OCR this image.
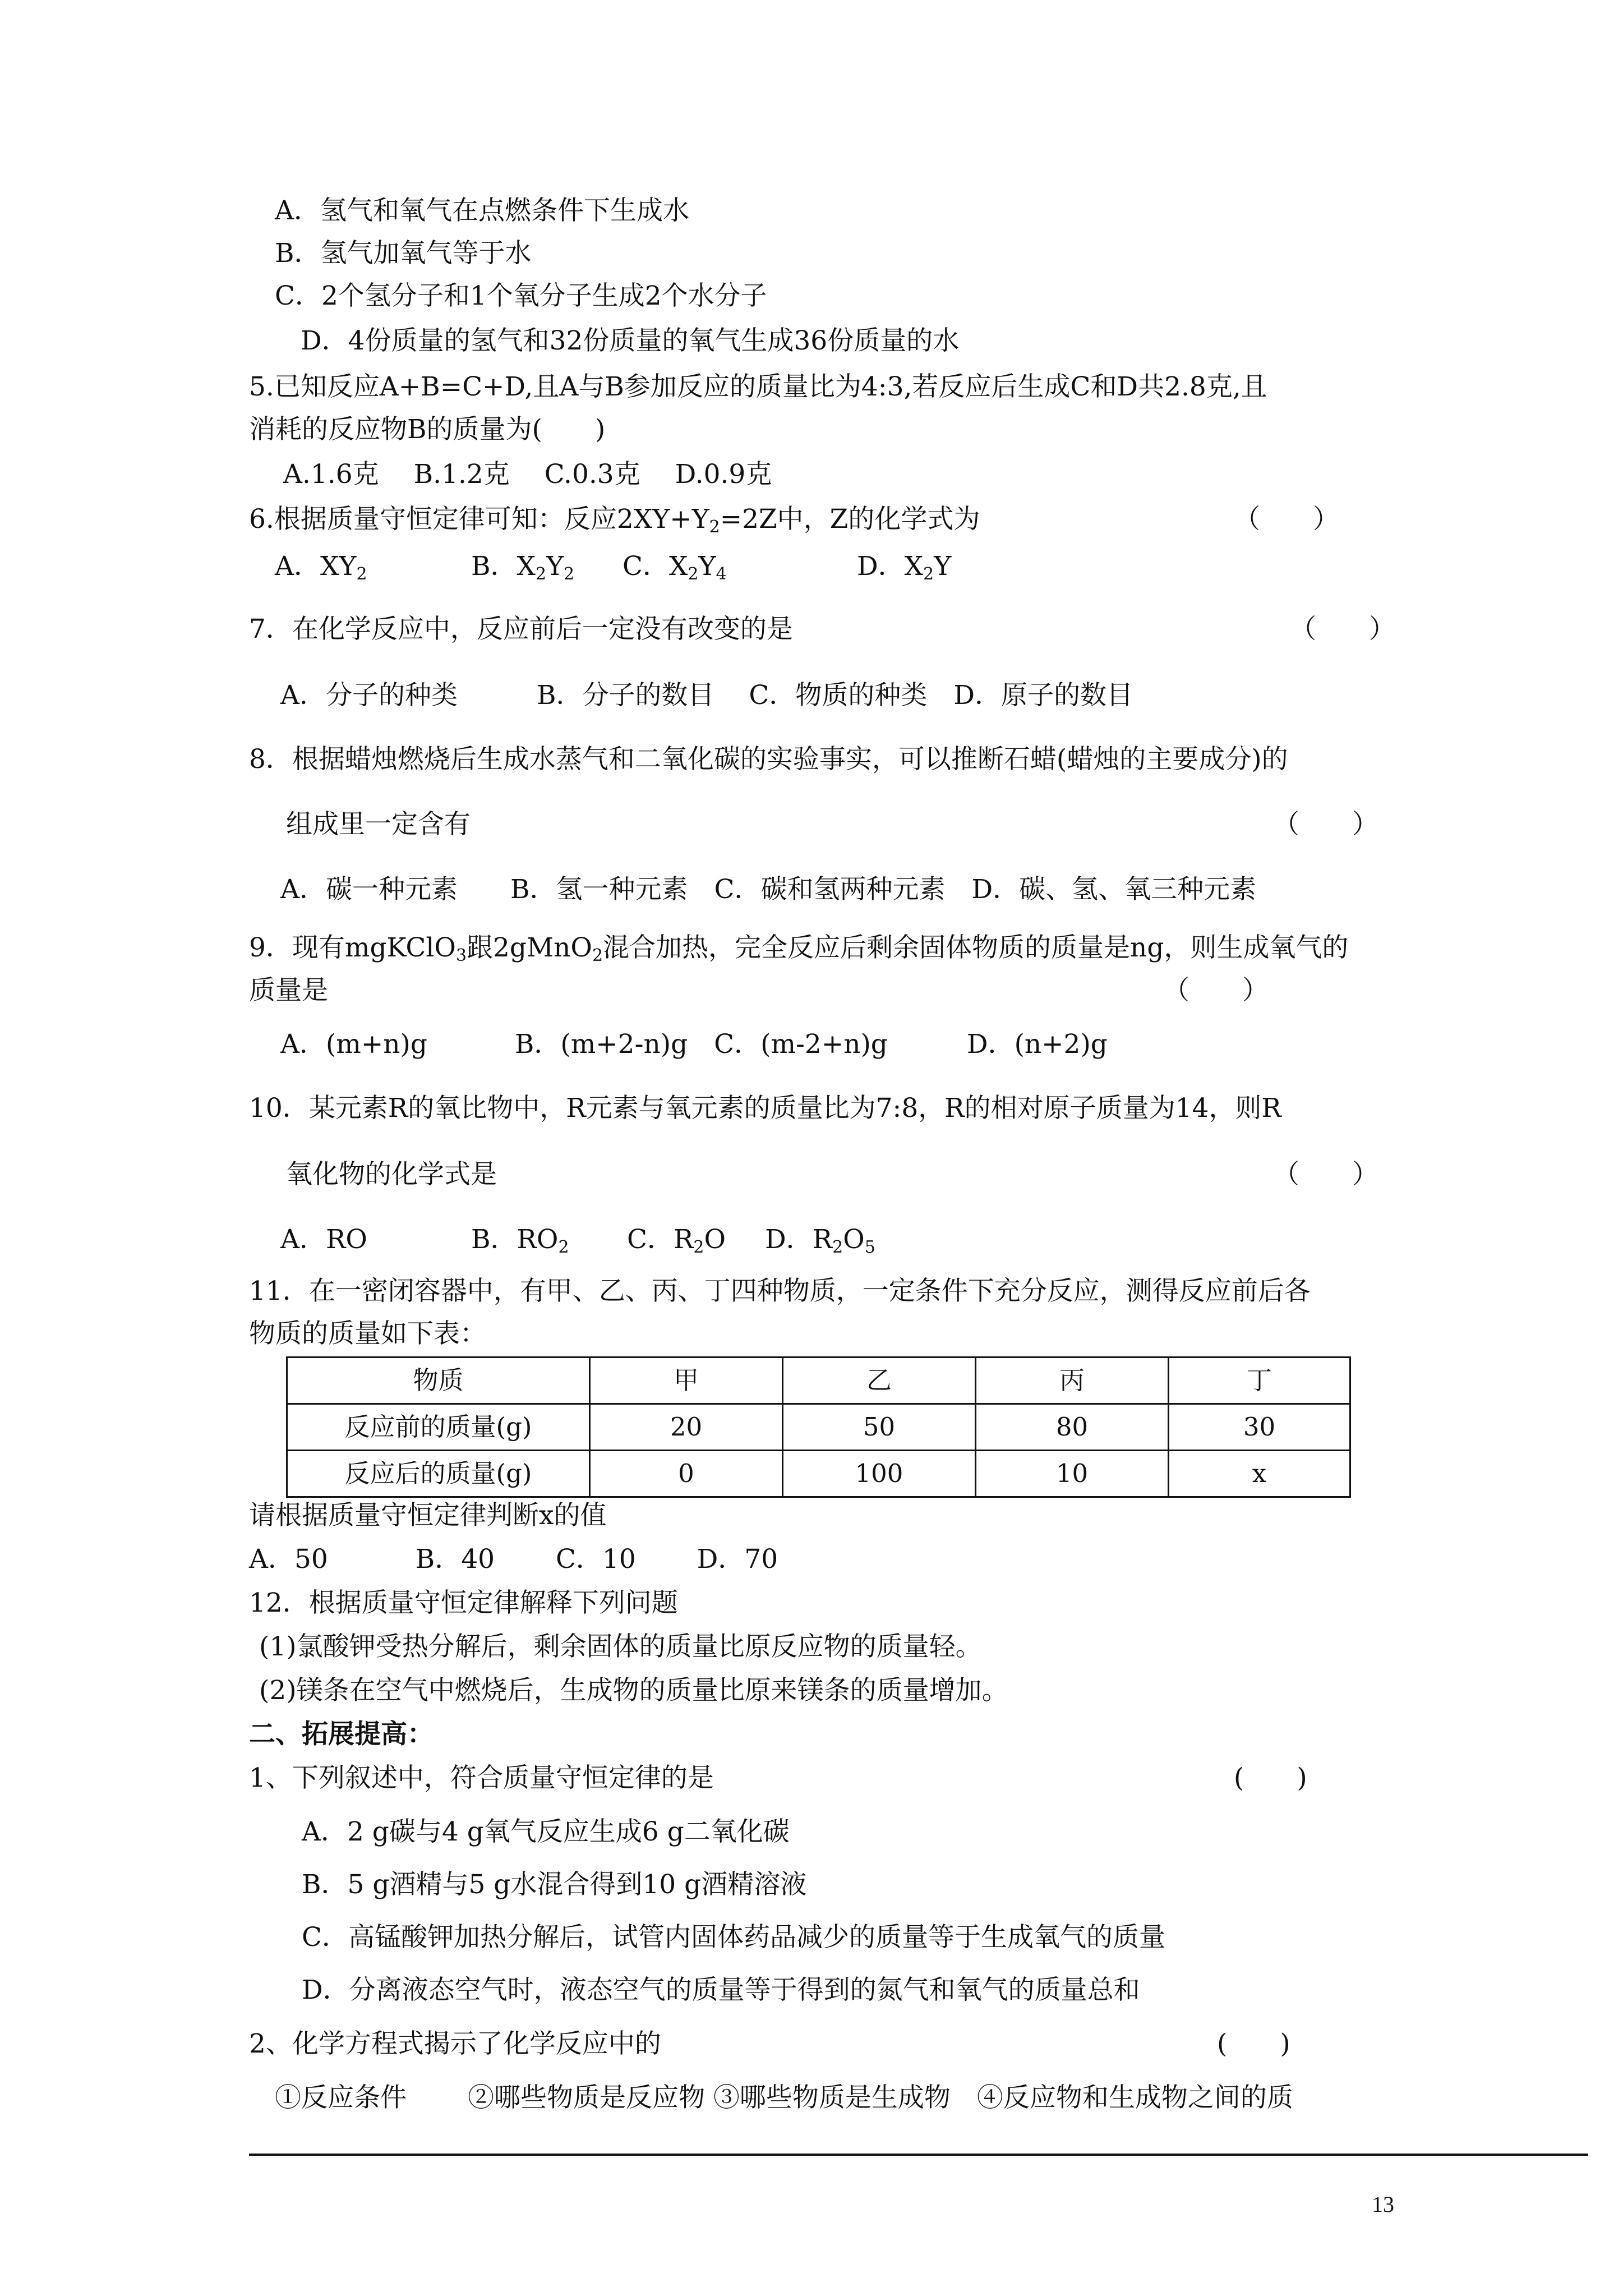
A．氢气和氧气在点燃条件下生成水
B．氢气加氧气等于水
C．2个氢分子和1个氧分子生成2个水分子
D．4份质量的氢气和32份质量的氧气生成36份质量的水
5.已知反应A+B=C+D,且A与B参加反应的质量比为4:3,若反应后生成C和D共2.8克,且
消耗的反应物B的质量为(　　)
A.1.6克　 B.1.2克　 C.0.3克　 D.0.9克
6.根据质量守恒定律可知：反应$2XY+Y_2=2Z$中，Z的化学式为	（　　）
A．$XY_2$	B．$X_2Y_2$ C．$X_2Y_4$	D．$X_2Y$
7．在化学反应中，反应前后一定没有改变的是	（　　）
A．分子的种类　　　B．分子的数目　 C．物质的种类　D．原子的数目
8．根据蜡烛燃烧后生成水蒸气和二氧化碳的实验事实，可以推断石蜡(蜡烛的主要成分)的
组成里一定含有	（　　）
A．碳一种元素　　B．氢一种元素　C．碳和氢两种元素　D．碳、氢、氧三种元素
9．现有mgKClO$_3$跟2gMnO$_2$混合加热，完全反应后剩余固体物质的质量是ng，则生成氧气的
质量是	（　　）
A．(m+n)g　　　 B．(m+2-n)g　C．(m-2+n)g　　　D．(n+2)g
10．某元素R的氧比物中，R元素与氧元素的质量比为7:8，R的相对原子质量为14，则R
氧化物的化学式是	（　　）
A．RO	B．$RO_2$ C．$R_2O$ D．$R_2O_5$
11．在一密闭容器中，有甲、乙、丙、丁四种物质，一定条件下充分反应，测得反应前后各
物质的质量如下表：
物质	甲	乙	丙	丁
反应前的质量(g)	20	50	80	30
反应后的质量(g)	0	100	10	x
请根据质量守恒定律判断x的值
A．50　　　 B．40　　 C．10　　 D．70
12．根据质量守恒定律解释下列问题
(1)氯酸钾受热分解后，剩余固体的质量比原反应物的质量轻。
(2)镁条在空气中燃烧后，生成物的质量比原来镁条的质量增加。
二、拓展提高：
1、下列叙述中，符合质量守恒定律的是	(　　)
A．2 g碳与4 g氧气反应生成6 g二氧化碳
B．5 g酒精与5 g水混合得到10 g酒精溶液
C．高锰酸钾加热分解后，试管内固体药品减少的质量等于生成氧气的质量
D．分离液态空气时，液态空气的质量等于得到的氮气和氧气的质量总和
2、化学方程式揭示了化学反应中的	(　　)
①反应条件　　 ②哪些物质是反应物 ③哪些物质是生成物　④反应物和生成物之间的质
13
